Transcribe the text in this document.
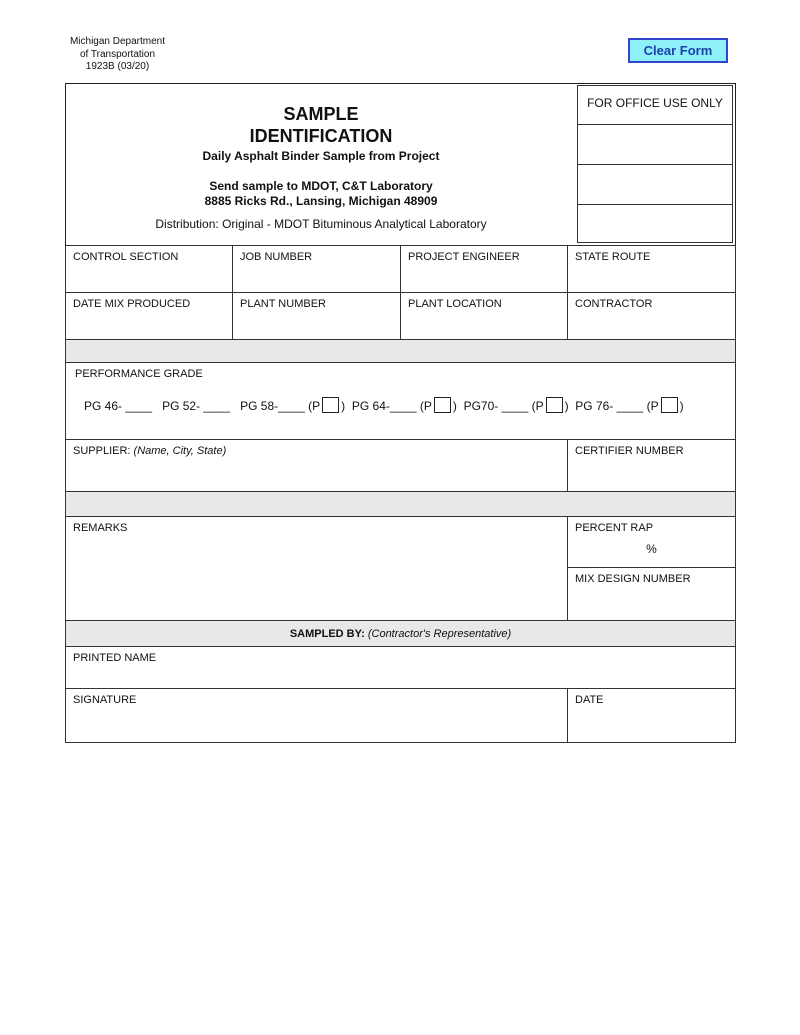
Michigan Department
of Transportation
1923B (03/20)
Clear Form
SAMPLE
IDENTIFICATION
Daily Asphalt Binder Sample from Project
Send sample to MDOT, C&T Laboratory
8885 Ricks Rd., Lansing, Michigan 48909
Distribution: Original - MDOT Bituminous Analytical Laboratory
FOR OFFICE USE ONLY
CONTROL SECTION	JOB NUMBER	PROJECT ENGINEER	STATE ROUTE
DATE MIX PRODUCED	PLANT NUMBER	PLANT LOCATION	CONTRACTOR
PERFORMANCE GRADE
PG 46- ____ PG 52- ____ PG 58-____ (P ) PG 64-____ (P ) PG70- ____ (P ) PG 76- ____ (P )
SUPPLIER: (Name, City, State)	CERTIFIER NUMBER
REMARKS	PERCENT RAP
%
MIX DESIGN NUMBER
SAMPLED BY: (Contractor's Representative)
PRINTED NAME
SIGNATURE	DATE
